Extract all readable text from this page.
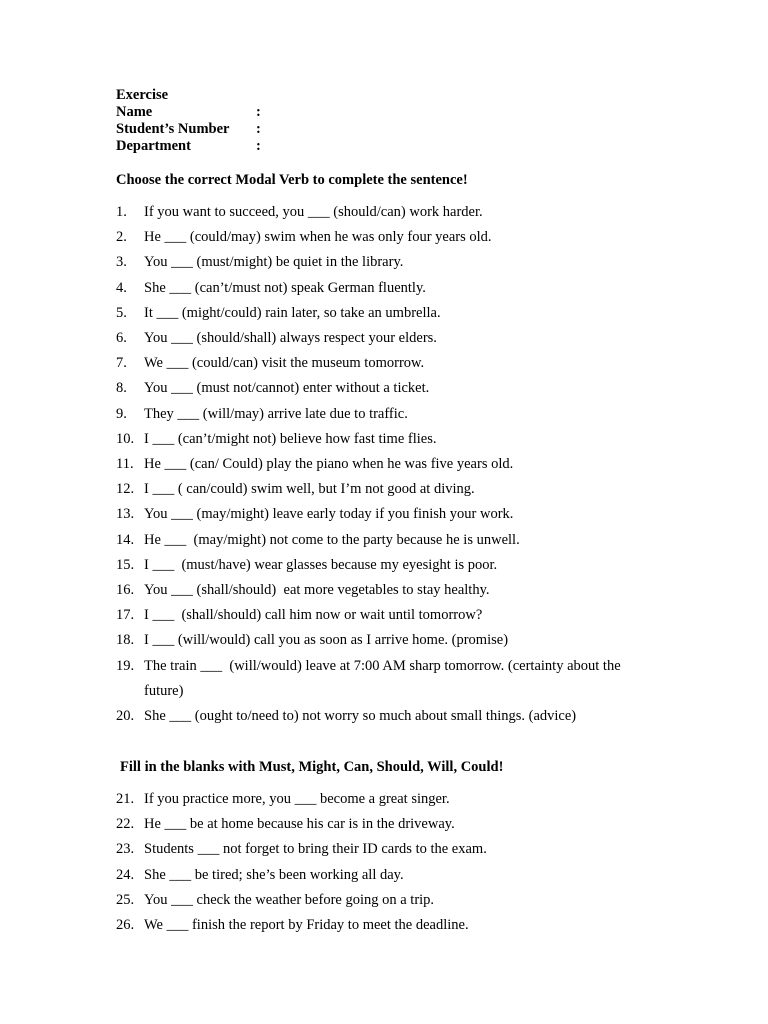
Exercise
Name	:
Student’s Number	:
Department	:
Choose the correct Modal Verb to complete the sentence!
1.	If you want to succeed, you ___ (should/can) work harder.
2.	He ___ (could/may) swim when he was only four years old.
3.	You ___ (must/might) be quiet in the library.
4.	She ___ (can’t/must not) speak German fluently.
5.	It ___ (might/could) rain later, so take an umbrella.
6.	You ___ (should/shall) always respect your elders.
7.	We ___ (could/can) visit the museum tomorrow.
8.	You ___ (must not/cannot) enter without a ticket.
9.	They ___ (will/may) arrive late due to traffic.
10. I ___ (can’t/might not) believe how fast time flies.
11. He ___ (can/ Could) play the piano when he was five years old.
12. I ___ ( can/could) swim well, but I’m not good at diving.
13. You ___ (may/might) leave early today if you finish your work.
14. He ___  (may/might) not come to the party because he is unwell.
15. I ___  (must/have) wear glasses because my eyesight is poor.
16. You ___ (shall/should)  eat more vegetables to stay healthy.
17. I ___  (shall/should) call him now or wait until tomorrow?
18. I ___ (will/would) call you as soon as I arrive home. (promise)
19. The train ___  (will/would) leave at 7:00 AM sharp tomorrow. (certainty about the future)
20. She ___ (ought to/need to) not worry so much about small things. (advice)
Fill in the blanks with Must, Might, Can, Should, Will, Could!
21. If you practice more, you ___ become a great singer.
22. He ___ be at home because his car is in the driveway.
23. Students ___ not forget to bring their ID cards to the exam.
24. She ___ be tired; she’s been working all day.
25. You ___ check the weather before going on a trip.
26. We ___ finish the report by Friday to meet the deadline.
